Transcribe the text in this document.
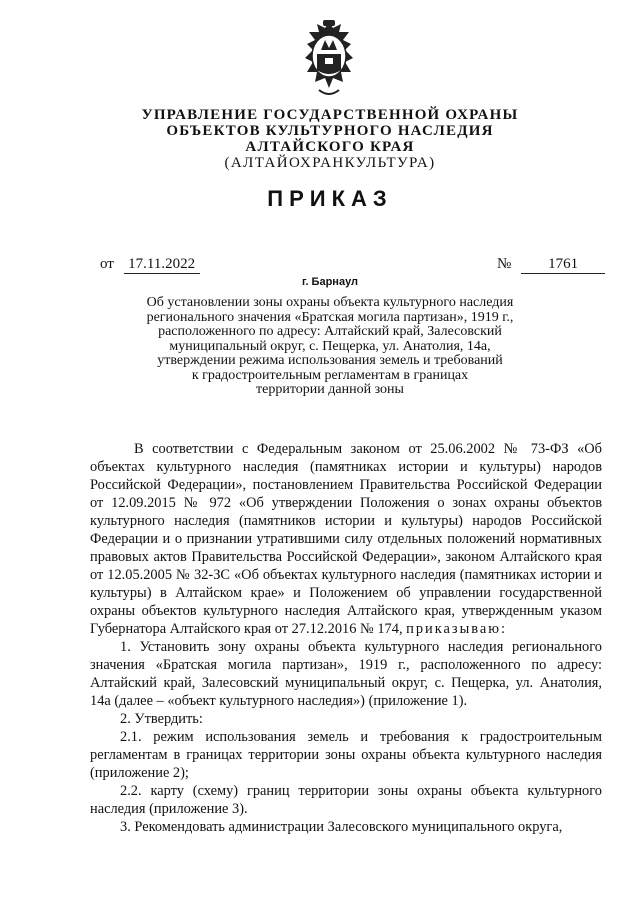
УПРАВЛЕНИЕ ГОСУДАРСТВЕННОЙ ОХРАНЫ
ОБЪЕКТОВ КУЛЬТУРНОГО НАСЛЕДИЯ
АЛТАЙСКОГО КРАЯ
(АЛТАЙОХРАНКУЛЬТУРА)
ПРИКАЗ
от 17.11.2022	№ 1761
г. Барнаул
Об установлении зоны охраны объекта культурного наследия
регионального значения «Братская могила партизан», 1919 г.,
расположенного по адресу: Алтайский край, Залесовский
муниципальный округ, с. Пещерка, ул. Анатолия, 14а,
утверждении режима использования земель и требований
к градостроительным регламентам в границах
территории данной зоны

В соответствии с Федеральным законом от 25.06.2002 № 73-ФЗ «Об объектах культурного наследия (памятниках истории и культуры) народов Российской Федерации», постановлением Правительства Российской Федерации от 12.09.2015 № 972 «Об утверждении Положения о зонах охраны объектов культурного наследия (памятников истории и культуры) народов Российской Федерации и о признании утратившими силу отдельных положений нормативных правовых актов Правительства Российской Федерации», законом Алтайского края от 12.05.2005 № 32-ЗС «Об объектах культурного наследия (памятниках истории и культуры) в Алтайском крае» и Положением об управлении государственной охраны объектов культурного наследия Алтайского края, утвержденным указом Губернатора Алтайского края от 27.12.2016 № 174, приказываю:

1. Установить зону охраны объекта культурного наследия регионального значения «Братская могила партизан», 1919 г., расположенного по адресу: Алтайский край, Залесовский муниципальный округ, с. Пещерка, ул. Анатолия, 14а (далее – «объект культурного наследия») (приложение 1).

2. Утвердить:

2.1. режим использования земель и требования к градостроительным регламентам в границах территории зоны охраны объекта культурного наследия (приложение 2);

2.2. карту (схему) границ территории зоны охраны объекта культурного наследия (приложение 3).

3. Рекомендовать администрации Залесовского муниципального округа,
